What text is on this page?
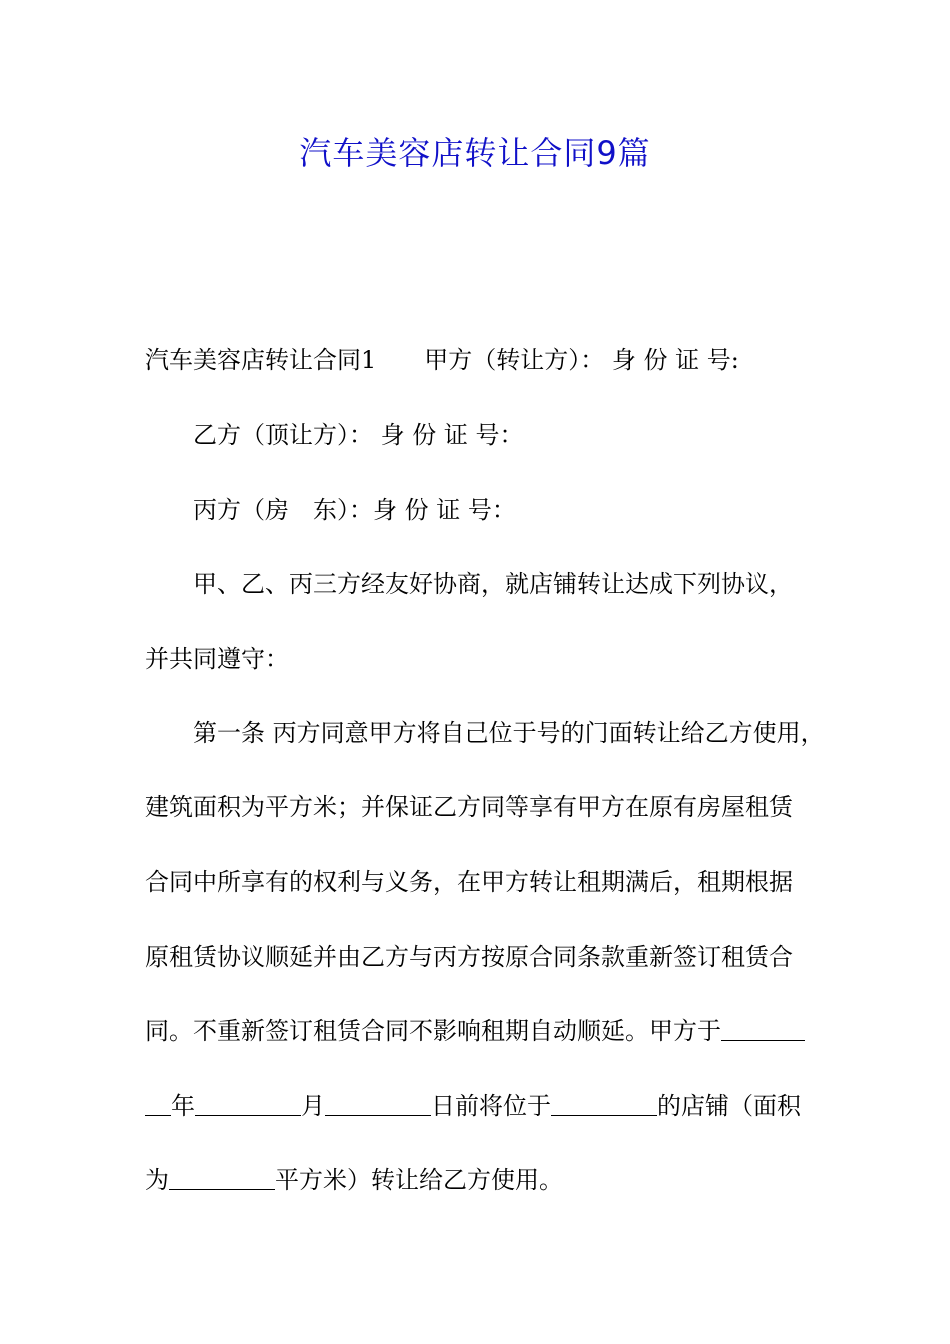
汽车美容店转让合同9篇
汽车美容店转让合同1 甲方（转让方）： 身 份 证 号:
乙方（顶让方）： 身 份 证 号：
丙方（房　东）：身 份 证 号：
甲、乙、丙三方经友好协商，就店铺转让达成下列协议，
并共同遵守：
第一条 丙方同意甲方将自己位于号的门面转让给乙方使用，
建筑面积为平方米；并保证乙方同等享有甲方在原有房屋租赁
合同中所享有的权利与义务，在甲方转让租期满后，租期根据
原租赁协议顺延并由乙方与丙方按原合同条款重新签订租赁合
同。不重新签订租赁合同不影响租期自动顺延。甲方于
年	月	日前将位于	的店铺（面积
为	平方米）转让给乙方使用。
